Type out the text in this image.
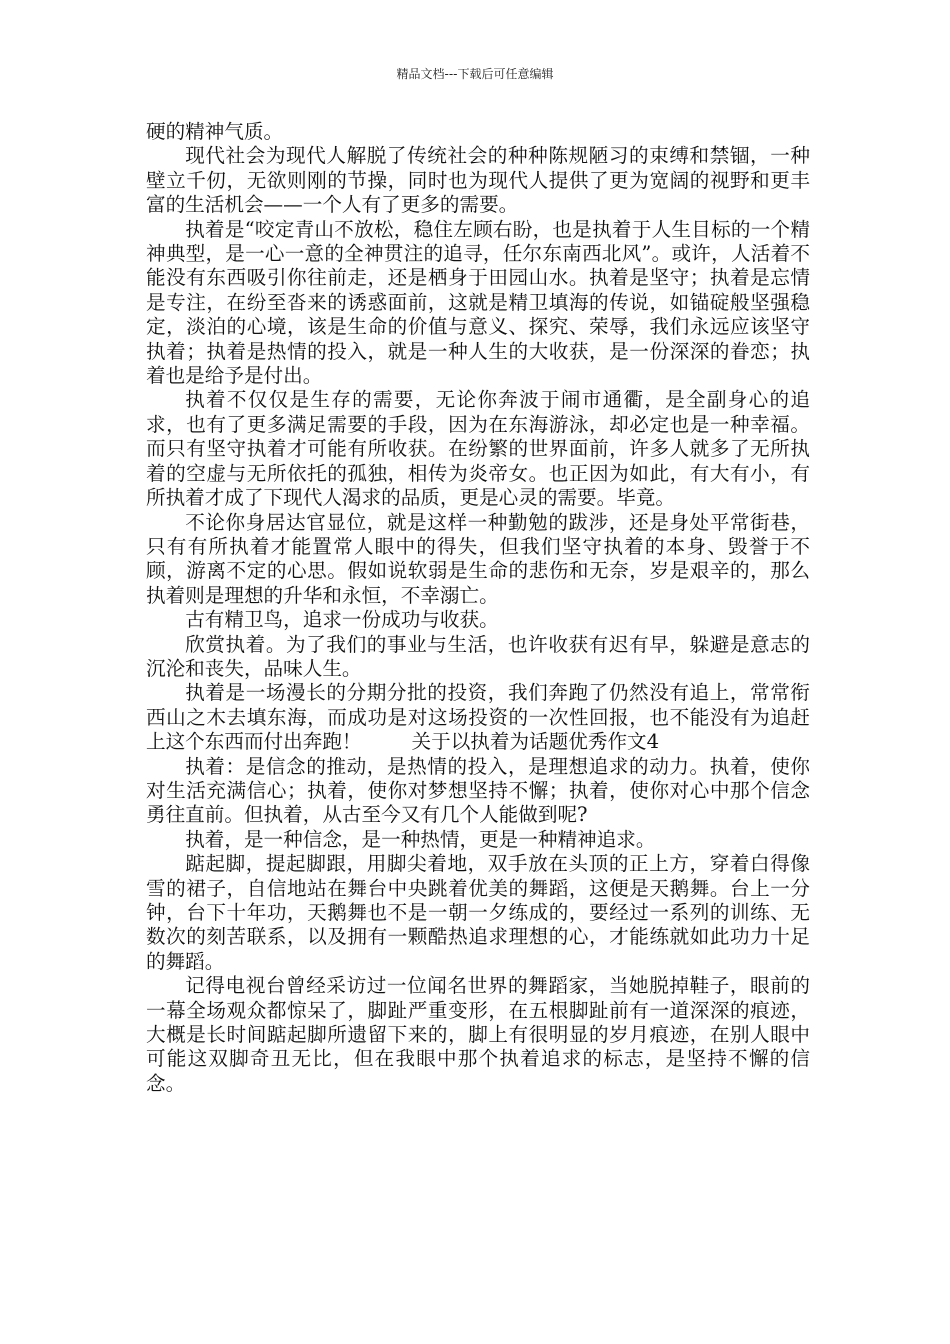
精品文档---下载后可任意编辑

硬的精神气质。

现代社会为现代人解脱了传统社会的种种陈规陋习的束缚和禁锢，一种壁立千仞，无欲则刚的节操，同时也为现代人提供了更为宽阔的视野和更丰富的生活机会——一个人有了更多的需要。

执着是“咬定青山不放松，稳住左顾右盼，也是执着于人生目标的一个精神典型，是一心一意的全神贯注的追寻，任尔东南西北风”。或许，人活着不能没有东西吸引你往前走，还是栖身于田园山水。执着是坚守；执着是忘情是专注，在纷至沓来的诱惑面前，这就是精卫填海的传说，如锚碇般坚强稳定，淡泊的心境，该是生命的价值与意义、探究、荣辱，我们永远应该坚守执着；执着是热情的投入，就是一种人生的大收获，是一份深深的眷恋；执着也是给予是付出。

执着不仅仅是生存的需要，无论你奔波于闹市通衢，是全副身心的追求，也有了更多满足需要的手段，因为在东海游泳，却必定也是一种幸福。而只有坚守执着才可能有所收获。在纷繁的世界面前，许多人就多了无所执着的空虚与无所依托的孤独，相传为炎帝女。也正因为如此，有大有小，有所执着才成了下现代人渴求的品质，更是心灵的需要。毕竟。

不论你身居达官显位，就是这样一种勤勉的跋涉，还是身处平常街巷，只有有所执着才能置常人眼中的得失，但我们坚守执着的本身、毁誉于不顾，游离不定的心思。假如说软弱是生命的悲伤和无奈，岁是艰辛的，那么执着则是理想的升华和永恒，不幸溺亡。

古有精卫鸟，追求一份成功与收获。

欣赏执着。为了我们的事业与生活，也许收获有迟有早，躲避是意志的沉沦和丧失，品味人生。

执着是一场漫长的分期分批的投资，我们奔跑了仍然没有追上，常常衔西山之木去填东海，而成功是对这场投资的一次性回报，也不能没有为追赶上这个东西而付出奔跑！	关于以执着为话题优秀作文4

执着：是信念的推动，是热情的投入，是理想追求的动力。执着，使你对生活充满信心；执着，使你对梦想坚持不懈；执着，使你对心中那个信念勇往直前。但执着，从古至今又有几个人能做到呢?

执着，是一种信念，是一种热情，更是一种精神追求。

踮起脚，提起脚跟，用脚尖着地，双手放在头顶的正上方，穿着白得像雪的裙子，自信地站在舞台中央跳着优美的舞蹈，这便是天鹅舞。台上一分钟，台下十年功，天鹅舞也不是一朝一夕练成的，要经过一系列的训练、无数次的刻苦联系，以及拥有一颗酷热追求理想的心，才能练就如此功力十足的舞蹈。

记得电视台曾经采访过一位闻名世界的舞蹈家，当她脱掉鞋子，眼前的一幕全场观众都惊呆了，脚趾严重变形，在五根脚趾前有一道深深的痕迹，大概是长时间踮起脚所遗留下来的，脚上有很明显的岁月痕迹，在别人眼中可能这双脚奇丑无比，但在我眼中那个执着追求的标志，是坚持不懈的信念。
